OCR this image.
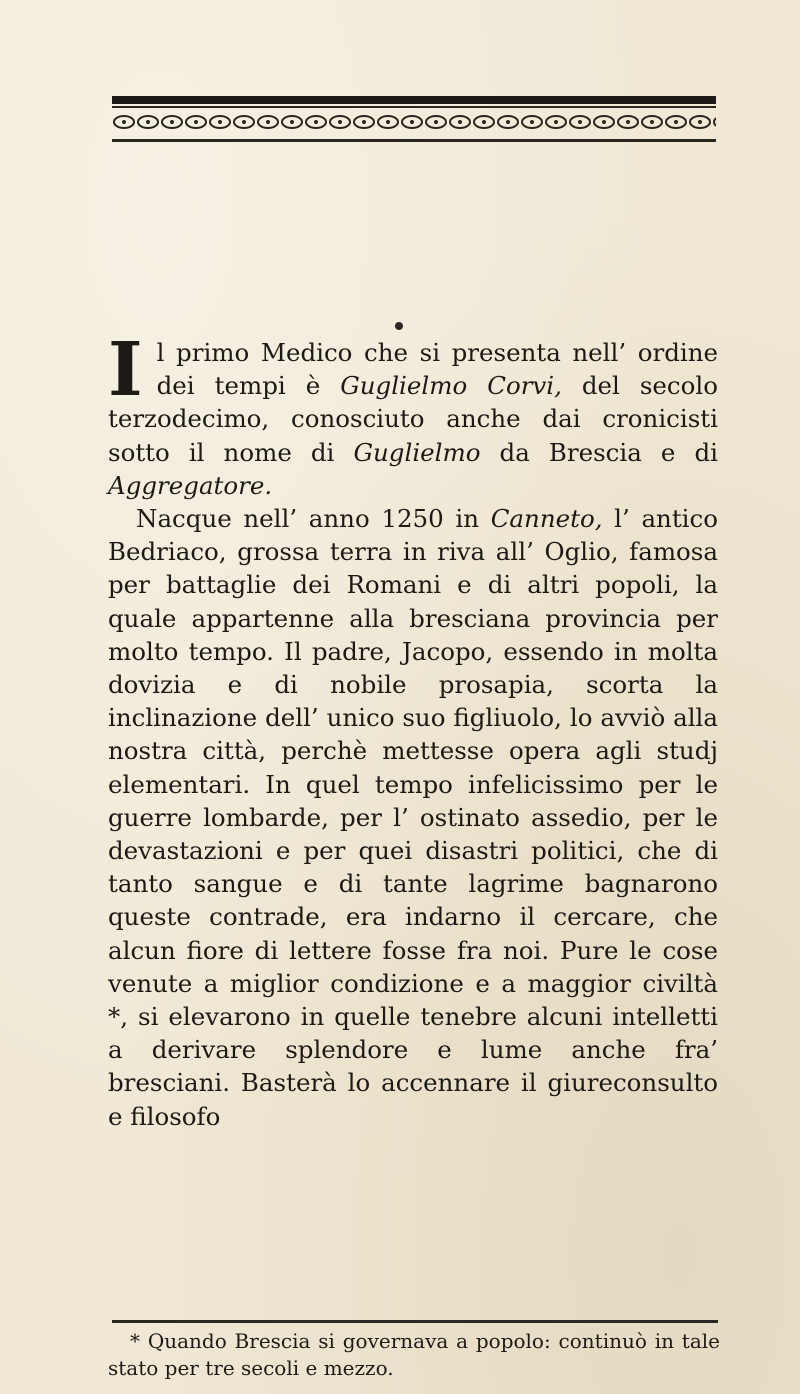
Il primo Medico che si presenta nell’ ordine dei tempi è Guglielmo Corvi, del secolo terzodecimo, conosciuto anche dai cronicisti sotto il nome di Guglielmo da Brescia e di Aggregatore.

Nacque nell’ anno 1250 in Canneto, l’ antico Bedriaco, grossa terra in riva all’ Oglio, famosa per battaglie dei Romani e di altri popoli, la quale appartenne alla bresciana provincia per molto tempo. Il padre, Jacopo, essendo in molta dovizia e di nobile prosapia, scorta la inclinazione dell’ unico suo figliuolo, lo avviò alla nostra città, perchè mettesse opera agli studj elementari. In quel tempo infelicissimo per le guerre lombarde, per l’ ostinato assedio, per le devastazioni e per quei disastri politici, che di tanto sangue e di tante lagrime bagnarono queste contrade, era indarno il cercare, che alcun fiore di lettere fosse fra noi. Pure le cose venute a miglior condizione e a maggior civiltà *, si elevarono in quelle tenebre alcuni intelletti a derivare splendore e lume anche fra’ bresciani. Basterà lo accennare il giureconsulto e filosofo

* Quando Brescia si governava a popolo: continuò in tale stato per tre secoli e mezzo.
